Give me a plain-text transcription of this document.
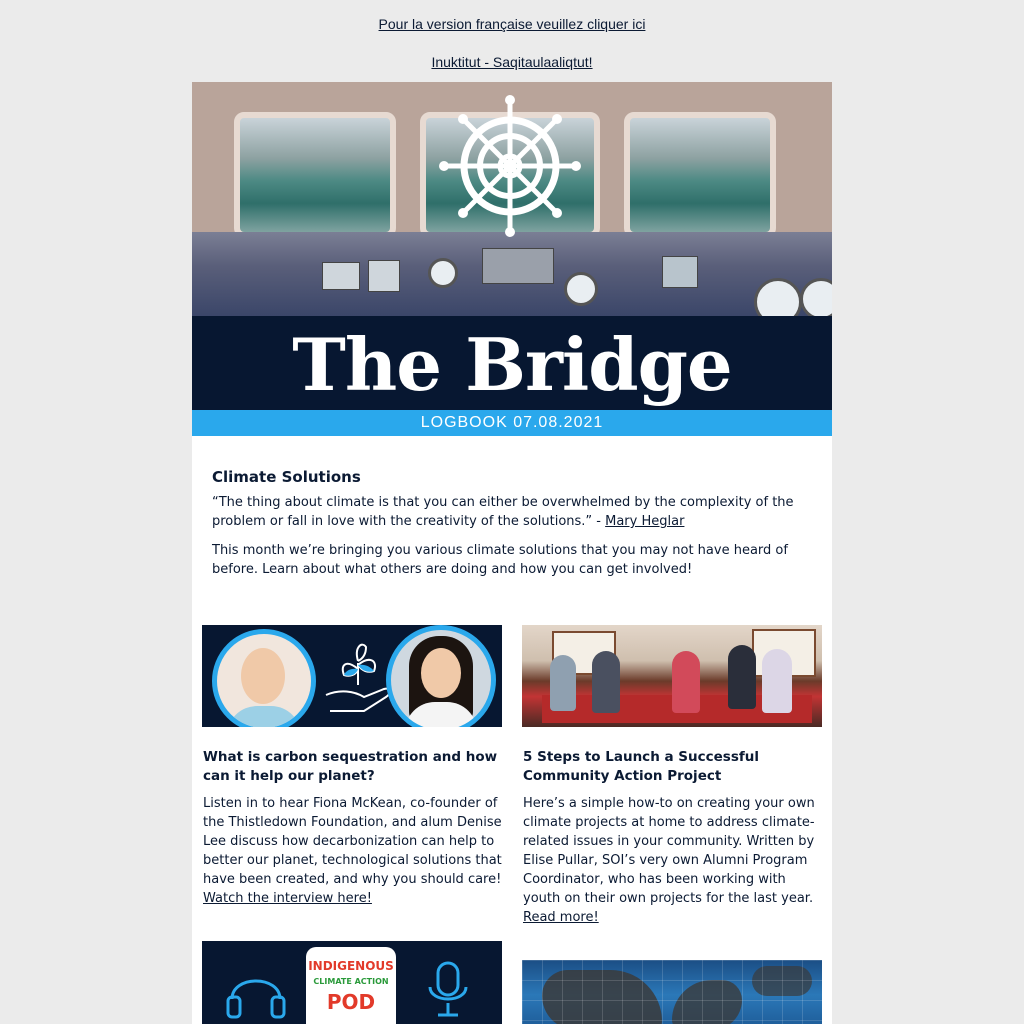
Pour la version française veuillez cliquer ici
Inuktitut - Saqitaulaaliqtut!
The Bridge
LOGBOOK 07.08.2021
Climate Solutions

“The thing about climate is that you can either be overwhelmed by the complexity of the problem or fall in love with the creativity of the solutions.” - Mary Heglar

This month we’re bringing you various climate solutions that you may not have heard of before. Learn about what others are doing and how you can get involved!

What is carbon sequestration and how can it help our planet?

Listen in to hear Fiona McKean, co-founder of the Thistledown Foundation, and alum Denise Lee discuss how decarbonization can help to better our planet, technological solutions that have been created, and why you should care! Watch the interview here!

5 Steps to Launch a Successful Community Action Project

Here’s a simple how-to on creating your own climate projects at home to address climate-related issues in your community. Written by Elise Pullar, SOI’s very own Alumni Program Coordinator, who has been working with youth on their own projects for the last year. Read more!

INDIGENOUS
CLIMATE ACTION
POD
